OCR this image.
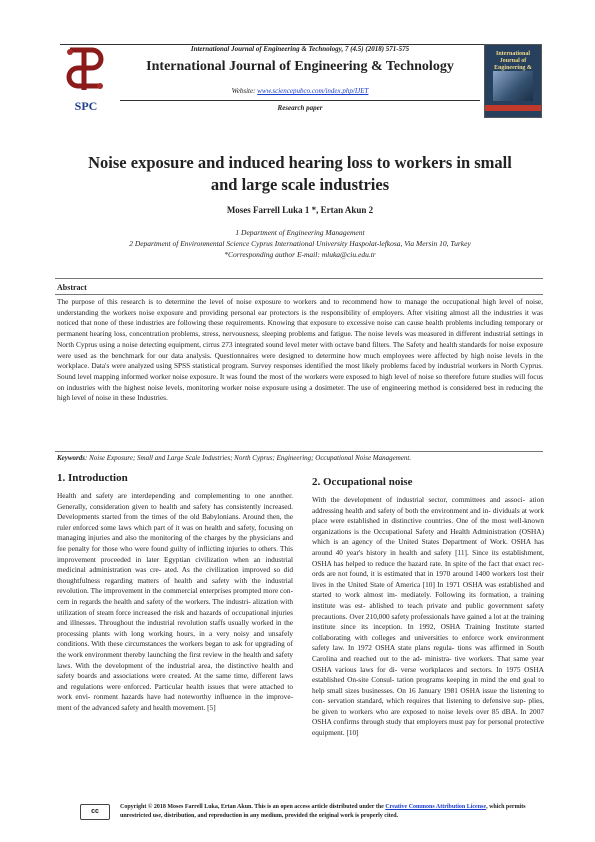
SPC
International Journal of Engineering &
International Journal of Engineering & Technology, 7 (4.5) (2018) 571-575
International Journal of Engineering & Technology
Website: www.sciencepubco.com/index.php/IJET
Research paper
Noise exposure and induced hearing loss to workers in small
and large scale industries
Moses Farrell Luka 1 *, Ertan Akun 2
1 Department of Engineering Management
2 Department of Environmental Science Cyprus International University Haspolat-lefkosa, Via Mersin 10, Turkey
*Corresponding author E-mail: mluka@ciu.edu.tr
Abstract
The purpose of this research is to determine the level of noise exposure to workers and to recommend how to manage the occupational high level of noise, understanding the workers noise exposure and providing personal ear protectors is the responsibility of employers. After visiting almost all the industries it was noticed that none of these industries are following these requirements. Knowing that exposure to excessive noise can cause health problems including temporary or permanent hearing loss, concentration problems, stress, nervousness, sleeping problems and fatigue. The noise levels was measured in different industrial settings in North Cyprus using a noise detecting equipment, cirrus 273 integrated sound level meter with octave band filters. The Safety and health standards for noise exposure were used as the benchmark for our data analysis. Questionnaires were designed to determine how much employees were affected by high noise levels in the workplace. Data's were analyzed using SPSS statistical program. Survey responses identified the most likely problems faced by industrial workers in North Cyprus. Sound level mapping informed worker noise exposure. It was found the most of the workers were exposed to high level of noise so therefore future studies will focus on industries with the highest noise levels, monitoring worker noise exposure using a dosimeter. The use of engineering method is considered best in reducing the high level of noise in these Industries.
Keywords: Noise Exposure; Small and Large Scale Industries; North Cyprus; Engineering; Occupational Noise Management.
1. Introduction
Health and safety are interdepending and complementing to one another. Generally, consideration given to health and safety has consistently increased. Developments started from the times of the old Babylonians. Around then, the ruler enforced some laws which part of it was on health and safety, focusing on managing injuries and also the monitoring of the charges by the physicians and fee penalty for those who were found guilty of inflicting injuries to others. This improvement proceeded in later Egyptian civilization when an industrial medicinal administration was cre- ated. As the civilization improved so did thoughtfulness regarding matters of health and safety with the industrial revolution. The improvement in the commercial enterprises prompted more con- cern in regards the health and safety of the workers. The industri- alization with utilization of steam force increased the risk and hazards of occupational injuries and illnesses. Throughout the industrial revolution staffs usually worked in the processing plants with long working hours, in a very noisy and unsafely conditions. With these circumstances the workers began to ask for upgrading of the work environment thereby launching the first review in the health and safety laws. With the development of the industrial area, the distinctive health and safety boards and associations were created. At the same time, different laws and regulations were enforced. Particular health issues that were attached to work envi- ronment hazards have had noteworthy influence in the improve- ment of the advanced safety and health movement. [5]
2. Occupational noise
With the development of industrial sector, committees and associ- ation addressing health and safety of both the environment and in- dividuals at work place were established in distinctive countries. One of the most well-known organizations is the Occupational Safety and Health Administration (OSHA) which is an agency of the United States Department of Work. OSHA has around 40 year's history in health and safety [11]. Since its establishment, OSHA has helped to reduce the hazard rate. In spite of the fact that exact rec- ords are not found, it is estimated that in 1970 around 1400 workers lost their lives in the United State of America [10] In 1971 OSHA was established and started to work almost im- mediately. Following its formation, a training institute was est- ablished to teach private and public government safety precautions. Over 210,000 safety professionals have gained a lot at the training institute since its inception. In 1992, OSHA Training Institute started collaborating with colleges and universities to enforce work environment safety law. In 1972 OSHA state plans regula- tions was affirmed in South Carolina and reached out to the ad- ministra- tive workers. That same year OSHA various laws for di- verse workplaces and sectors. In 1975 OSHA established On-site Consul- tation programs keeping in mind the end goal to help small sizes businesses. On 16 January 1981 OSHA issue the listening to con- servation standard, which requires that listening to defensive sup- plies, be given to workers who are exposed to noise levels over 85 dBA. In 2007 OSHA confirms through study that employers must pay for personal protective equipment. [10]
cc
Copyright © 2018 Moses Farrell Luka, Ertan Akun. This is an open access article distributed under the Creative Commons Attribution License, which permits unrestricted use, distribution, and reproduction in any medium, provided the original work is properly cited.
